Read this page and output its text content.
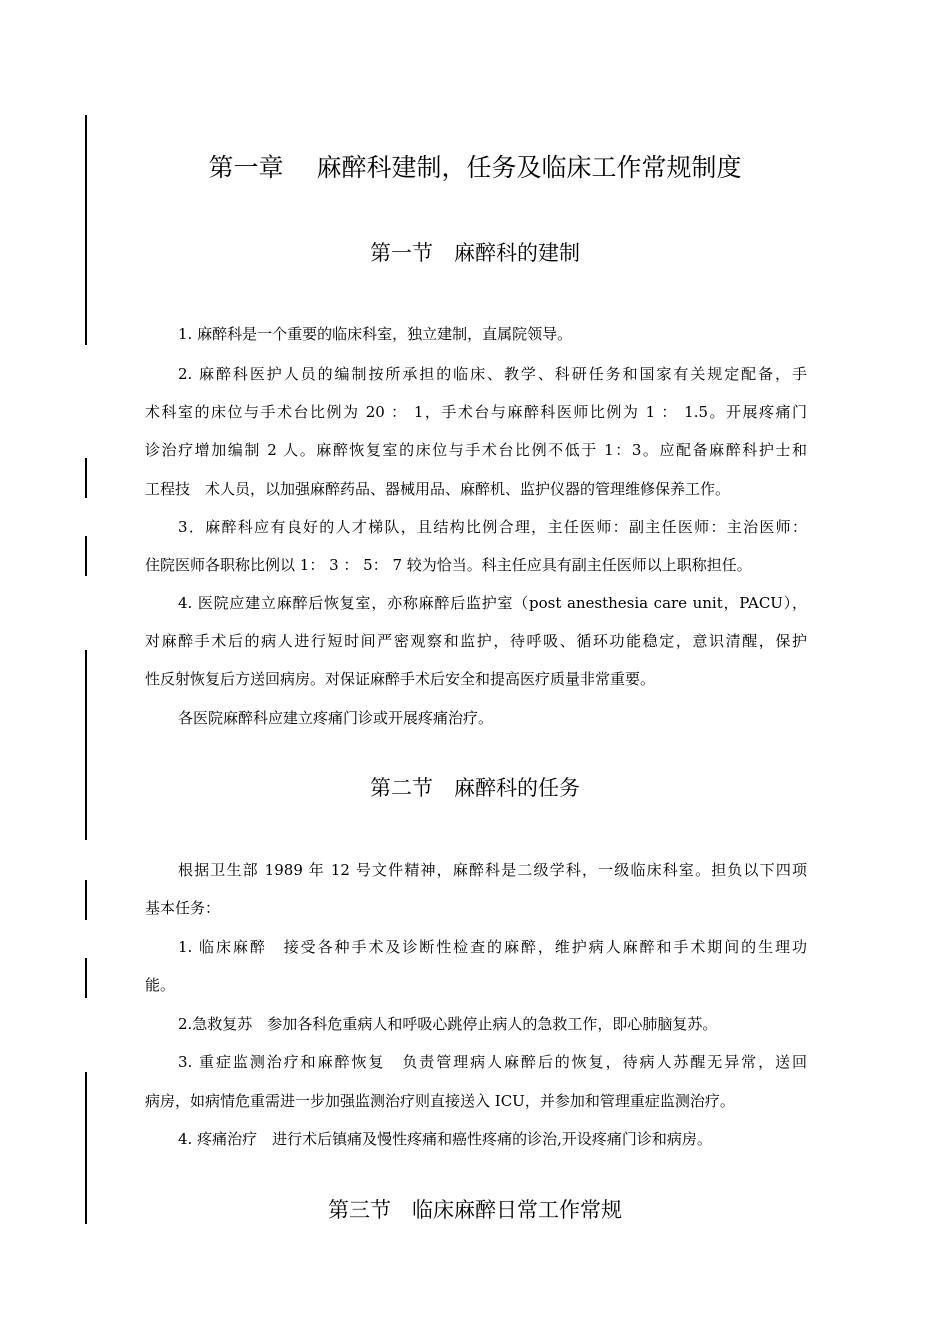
第一章　 麻醉科建制，任务及临床工作常规制度
第一节　麻醉科的建制
1. 麻醉科是一个重要的临床科室，独立建制，直属院领导。
2. 麻醉科医护人员的编制按所承担的临床、教学、科研任务和国家有关规定配备，手
术科室的床位与手术台比例为 20 ： 1，手术台与麻醉科医师比例为 1 ： 1.5。开展疼痛门
诊治疗增加编制 2 人。麻醉恢复室的床位与手术台比例不低于 1：3。应配备麻醉科护士和
工程技　术人员，以加强麻醉药品、器械用品、麻醉机、监护仪器的管理维修保养工作。
3．麻醉科应有良好的人才梯队，且结构比例合理，主任医师：副主任医师：主治医师：
住院医师各职称比例以 1： 3 ： 5： 7 较为恰当。科主任应具有副主任医师以上职称担任。
4. 医院应建立麻醉后恢复室，亦称麻醉后监护室（post anesthesia care unit，PACU），
对麻醉手术后的病人进行短时间严密观察和监护，待呼吸、循环功能稳定，意识清醒，保护
性反射恢复后方送回病房。对保证麻醉手术后安全和提高医疗质量非常重要。
各医院麻醉科应建立疼痛门诊或开展疼痛治疗。
第二节　麻醉科的任务
根据卫生部 1989 年 12 号文件精神，麻醉科是二级学科，一级临床科室。担负以下四项
基本任务：
1. 临床麻醉　接受各种手术及诊断性检查的麻醉，维护病人麻醉和手术期间的生理功
能。
2.急救复苏　参加各科危重病人和呼吸心跳停止病人的急救工作，即心肺脑复苏。
3. 重症监测治疗和麻醉恢复　负责管理病人麻醉后的恢复，待病人苏醒无异常，送回
病房，如病情危重需进一步加强监测治疗则直接送入 ICU，并参加和管理重症监测治疗。
4. 疼痛治疗　进行术后镇痛及慢性疼痛和癌性疼痛的诊治,开设疼痛门诊和病房。
第三节　临床麻醉日常工作常规
